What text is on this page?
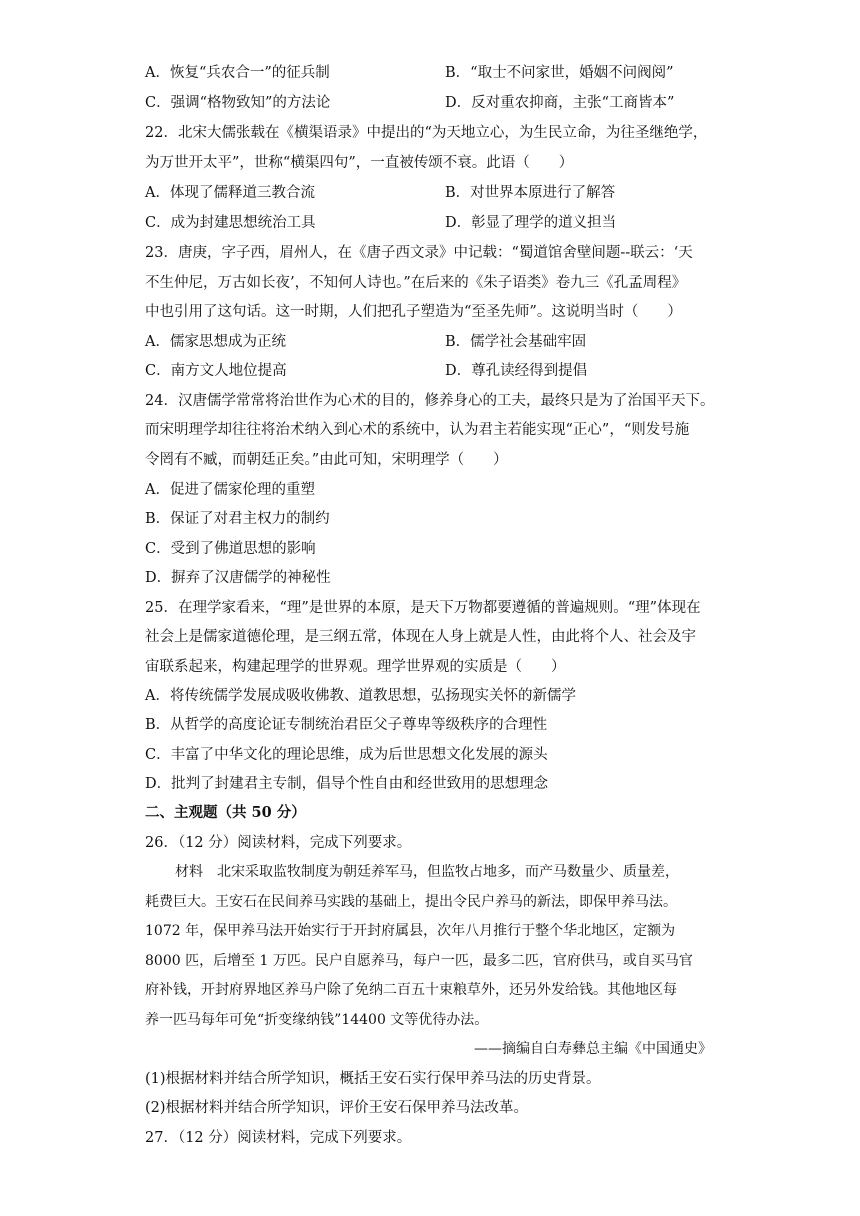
A．恢复“兵农合一”的征兵制	B．“取士不问家世，婚姻不问阀阅”
C．强调“格物致知”的方法论	D．反对重农抑商，主张“工商皆本”
22．北宋大儒张载在《横渠语录》中提出的“为天地立心，为生民立命，为往圣继绝学，
为万世开太平”，世称“横渠四句”，一直被传颂不衰。此语（　　）
A．体现了儒释道三教合流	B．对世界本原进行了解答
C．成为封建思想统治工具	D．彰显了理学的道义担当
23．唐庚，字子西，眉州人，在《唐子西文录》中记载：“蜀道馆舍壁间题--联云：‘天
不生仲尼，万古如长夜’，不知何人诗也。”在后来的《朱子语类》卷九三《孔孟周程》
中也引用了这句话。这一时期，人们把孔子塑造为“至圣先师”。这说明当时（　　）
A．儒家思想成为正统	B．儒学社会基础牢固
C．南方文人地位提高	D．尊孔读经得到提倡
24．汉唐儒学常常将治世作为心术的目的，修养身心的工夫，最终只是为了治国平天下。
而宋明理学却往往将治术纳入到心术的系统中，认为君主若能实现“正心”，“则发号施
令罔有不臧，而朝廷正矣。”由此可知，宋明理学（　　）
A．促进了儒家伦理的重塑
B．保证了对君主权力的制约
C．受到了佛道思想的影响
D．摒弃了汉唐儒学的神秘性
25．在理学家看来，“理”是世界的本原，是天下万物都要遵循的普遍规则。“理”体现在
社会上是儒家道德伦理，是三纲五常，体现在人身上就是人性，由此将个人、社会及宇
宙联系起来，构建起理学的世界观。理学世界观的实质是（　　）
A．将传统儒学发展成吸收佛教、道教思想，弘扬现实关怀的新儒学
B．从哲学的高度论证专制统治君臣父子尊卑等级秩序的合理性
C．丰富了中华文化的理论思维，成为后世思想文化发展的源头
D．批判了封建君主专制，倡导个性自由和经世致用的思想理念
二、主观题（共 50 分）
26．（12 分）阅读材料，完成下列要求。
材料　北宋采取监牧制度为朝廷养军马，但监牧占地多，而产马数量少、质量差，
耗费巨大。王安石在民间养马实践的基础上，提出令民户养马的新法，即保甲养马法。
1072 年，保甲养马法开始实行于开封府属县，次年八月推行于整个华北地区，定额为
8000 匹，后增至 1 万匹。民户自愿养马，每户一匹，最多二匹，官府供马，或自买马官
府补钱，开封府界地区养马户除了免纳二百五十束粮草外，还另外发给钱。其他地区每
养一匹马每年可免“折变缘纳钱”14400 文等优待办法。
——摘编自白寿彝总主编《中国通史》
(1)根据材料并结合所学知识，概括王安石实行保甲养马法的历史背景。
(2)根据材料并结合所学知识，评价王安石保甲养马法改革。
27．（12 分）阅读材料，完成下列要求。
